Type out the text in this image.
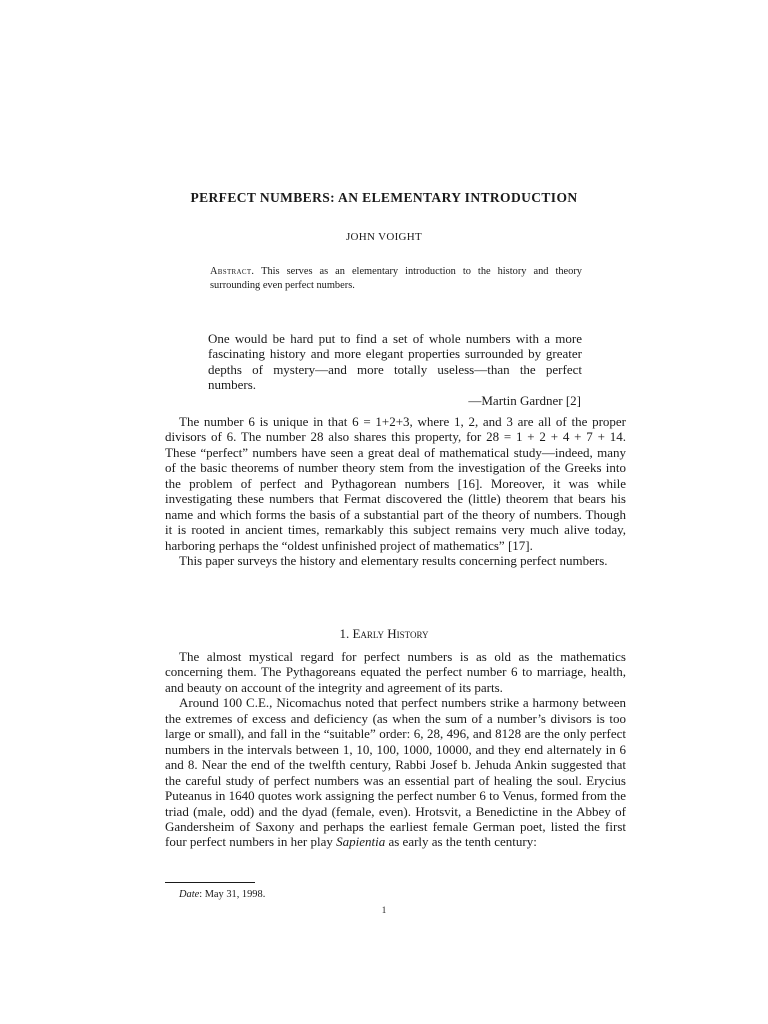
PERFECT NUMBERS: AN ELEMENTARY INTRODUCTION
JOHN VOIGHT
Abstract. This serves as an elementary introduction to the history and theory surrounding even perfect numbers.
One would be hard put to find a set of whole numbers with a more fascinating history and more elegant properties surrounded by greater depths of mystery—and more totally useless—than the perfect numbers.
—Martin Gardner [2]

The number 6 is unique in that 6 = 1+2+3, where 1, 2, and 3 are all of the proper divisors of 6. The number 28 also shares this property, for 28 = 1 + 2 + 4 + 7 + 14. These “perfect” numbers have seen a great deal of mathematical study—indeed, many of the basic theorems of number theory stem from the investigation of the Greeks into the problem of perfect and Pythagorean numbers [16]. Moreover, it was while investigating these numbers that Fermat discovered the (little) theorem that bears his name and which forms the basis of a substantial part of the theory of numbers. Though it is rooted in ancient times, remarkably this subject remains very much alive today, harboring perhaps the “oldest unfinished project of mathematics” [17].

This paper surveys the history and elementary results concerning perfect numbers.

1. Early History

The almost mystical regard for perfect numbers is as old as the mathematics concerning them. The Pythagoreans equated the perfect number 6 to marriage, health, and beauty on account of the integrity and agreement of its parts.

Around 100 C.E., Nicomachus noted that perfect numbers strike a harmony between the extremes of excess and deficiency (as when the sum of a number’s divisors is too large or small), and fall in the “suitable” order: 6, 28, 496, and 8128 are the only perfect numbers in the intervals between 1, 10, 100, 1000, 10000, and they end alternately in 6 and 8. Near the end of the twelfth century, Rabbi Josef b. Jehuda Ankin suggested that the careful study of perfect numbers was an essential part of healing the soul. Erycius Puteanus in 1640 quotes work assigning the perfect number 6 to Venus, formed from the triad (male, odd) and the dyad (female, even). Hrotsvit, a Benedictine in the Abbey of Gandersheim of Saxony and perhaps the earliest female German poet, listed the first four perfect numbers in her play Sapientia as early as the tenth century:

Date: May 31, 1998.
1
